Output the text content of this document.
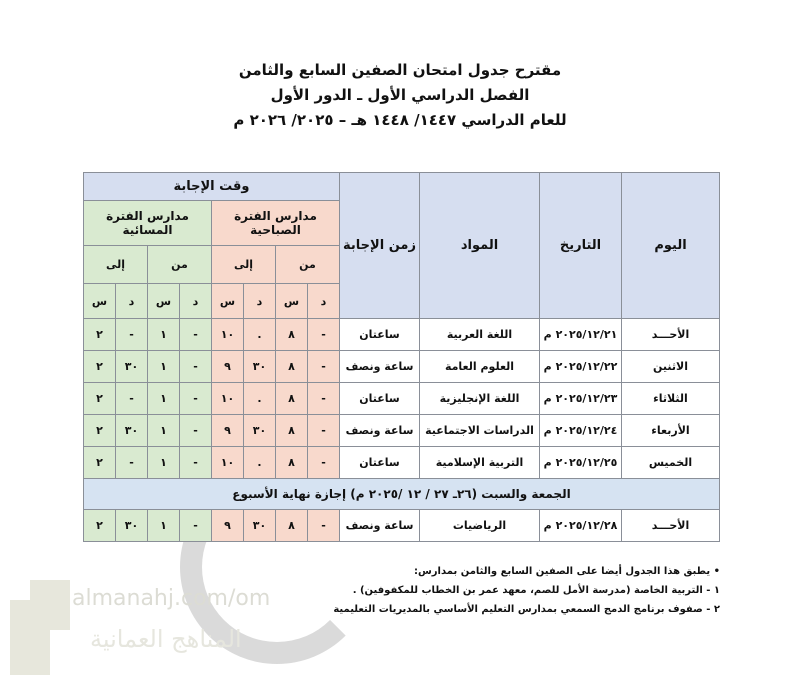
almanahj.com/om
المناهج العمانية
مقترح جدول امتحان الصفين السابع والثامن
الفصل الدراسي الأول ـ الدور الأول
للعام الدراسي ١٤٤٧/ ١٤٤٨ هـ – ٢٠٢٥/ ٢٠٢٦ م
اليوم	التاريخ	المواد	زمن الإجابة	وقت الإجابة							
				مدارس الفترة الصباحية				مدارس الفترة المسائية			
				من		إلى		من		إلى	
				د	س	د	س	د	س	د	س
الأحـــد	٢٠٢٥/١٢/٢١ م	اللغة العربية	ساعتان	-	٨	.	١٠	-	١	-	٢
الاثنين	٢٠٢٥/١٢/٢٢ م	العلوم العامة	ساعة ونصف	-	٨	٣٠	٩	-	١	٣٠	٢
الثلاثاء	٢٠٢٥/١٢/٢٣ م	اللغة الإنجليزية	ساعتان	-	٨	.	١٠	-	١	-	٢
الأربعاء	٢٠٢٥/١٢/٢٤ م	الدراسات الاجتماعية	ساعة ونصف	-	٨	٣٠	٩	-	١	٣٠	٢
الخميس	٢٠٢٥/١٢/٢٥ م	التربية الإسلامية	ساعتان	-	٨	.	١٠	-	١	-	٢
الجمعة والسبت (٢٦ـ ٢٧ / ١٢ /٢٠٢٥ م) إجازة نهاية الأسبوع											
الأحـــد	٢٠٢٥/١٢/٢٨ م	الرياضيات	ساعة ونصف	-	٨	٣٠	٩	-	١	٣٠	٢
• يطبق هذا الجدول أيضا على الصفين السابع والثامن بمدارس:
١ - التربية الخاصة (مدرسة الأمل للصم، معهد عمر بن الخطاب للمكفوفين) .
٢ - صفوف برنامج الدمج السمعي بمدارس التعليم الأساسي بالمديريات التعليمية
